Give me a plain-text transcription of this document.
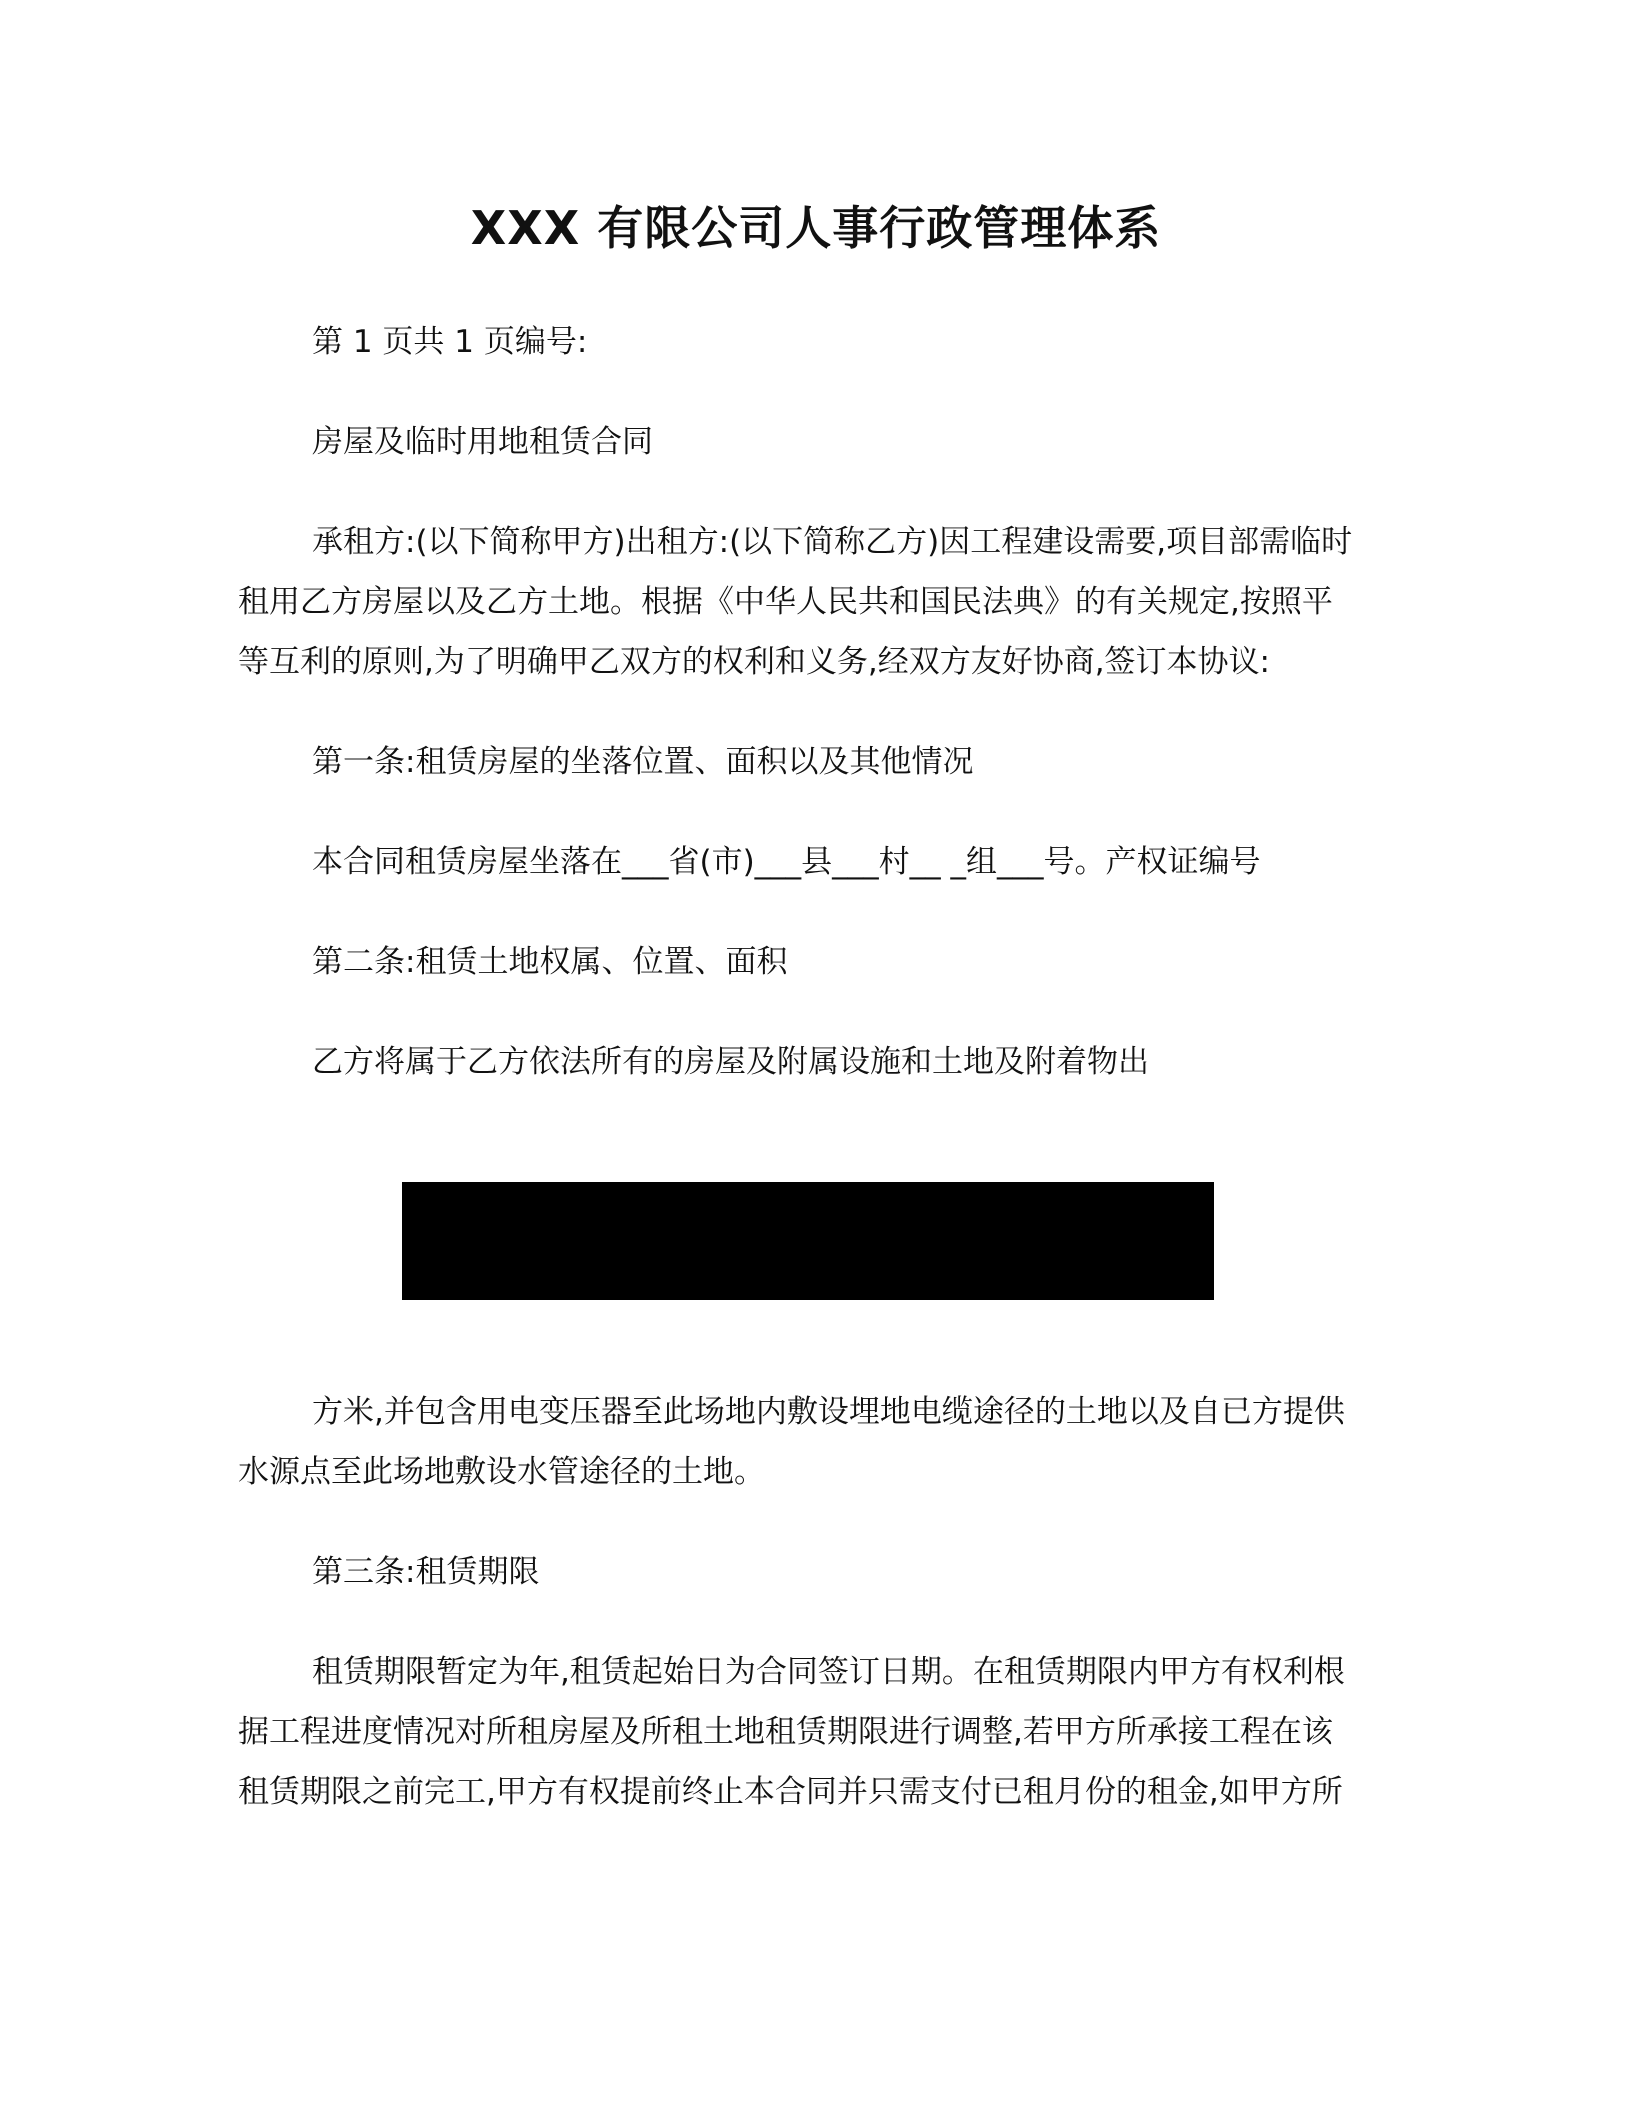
XXX 有限公司人事行政管理体系
第 1 页共 1 页编号:
房屋及临时用地租赁合同
承租方:(以下简称甲方)出租方:(以下简称乙方)因工程建设需要,项目部需临时
租用乙方房屋以及乙方土地。根据《中华人民共和国民法典》的有关规定,按照平
等互利的原则,为了明确甲乙双方的权利和义务,经双方友好协商,签订本协议:
第一条:租赁房屋的坐落位置、面积以及其他情况
本合同租赁房屋坐落在___省(市)___县___村__ _组___号。产权证编号
第二条:租赁土地权属、位置、面积
乙方将属于乙方依法所有的房屋及附属设施和土地及附着物出
方米,并包含用电变压器至此场地内敷设埋地电缆途径的土地以及自已方提供
水源点至此场地敷设水管途径的土地。
第三条:租赁期限
租赁期限暂定为年,租赁起始日为合同签订日期。在租赁期限内甲方有权利根
据工程进度情况对所租房屋及所租土地租赁期限进行调整,若甲方所承接工程在该
租赁期限之前完工,甲方有权提前终止本合同并只需支付已租月份的租金,如甲方所
